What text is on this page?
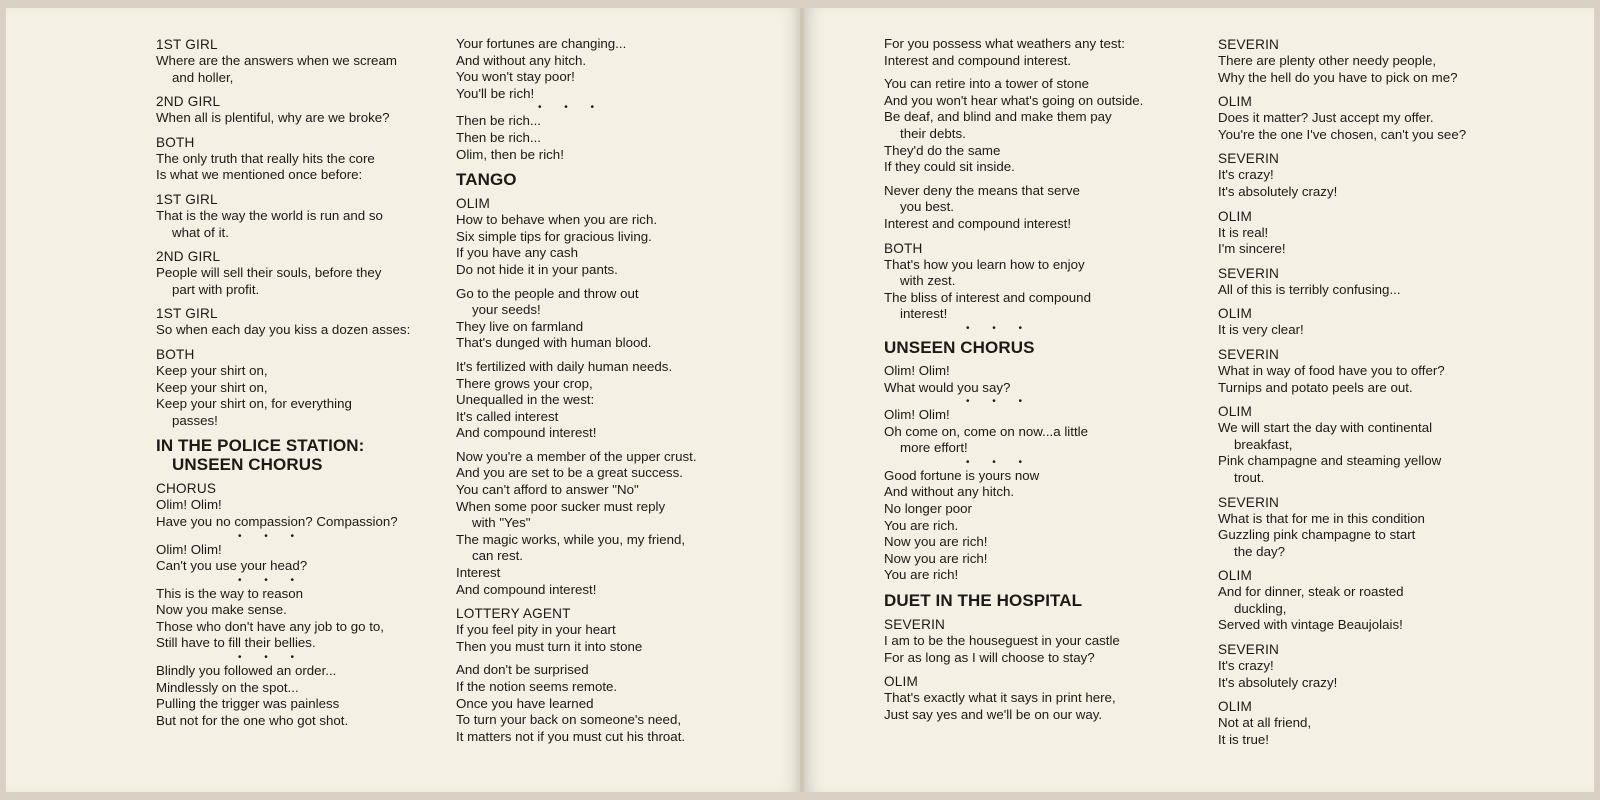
1ST GIRL
Where are the answers when we scream
and holler,
2ND GIRL
When all is plentiful, why are we broke?
BOTH
The only truth that really hits the core
Is what we mentioned once before:
1ST GIRL
That is the way the world is run and so
what of it.
2ND GIRL
People will sell their souls, before they
part with profit.
1ST GIRL
So when each day you kiss a dozen asses:
BOTH
Keep your shirt on,
Keep your shirt on,
Keep your shirt on, for everything
passes!
IN THE POLICE STATION:
UNSEEN CHORUS
CHORUS
Olim! Olim!
Have you no compassion? Compassion?
• • •
Olim! Olim!
Can't you use your head?
• • •
This is the way to reason
Now you make sense.
Those who don't have any job to go to,
Still have to fill their bellies.
• • •
Blindly you followed an order...
Mindlessly on the spot...
Pulling the trigger was painless
But not for the one who got shot.
Your fortunes are changing...
And without any hitch.
You won't stay poor!
You'll be rich!
• • •
Then be rich...
Then be rich...
Olim, then be rich!
TANGO
OLIM
How to behave when you are rich.
Six simple tips for gracious living.
If you have any cash
Do not hide it in your pants.
Go to the people and throw out
your seeds!
They live on farmland
That's dunged with human blood.
It's fertilized with daily human needs.
There grows your crop,
Unequalled in the west:
It's called interest
And compound interest!
Now you're a member of the upper crust.
And you are set to be a great success.
You can't afford to answer "No"
When some poor sucker must reply
with "Yes"
The magic works, while you, my friend,
can rest.
Interest
And compound interest!
LOTTERY AGENT
If you feel pity in your heart
Then you must turn it into stone
And don't be surprised
If the notion seems remote.
Once you have learned
To turn your back on someone's need,
It matters not if you must cut his throat.
For you possess what weathers any test:
Interest and compound interest.
You can retire into a tower of stone
And you won't hear what's going on outside.
Be deaf, and blind and make them pay
their debts.
They'd do the same
If they could sit inside.
Never deny the means that serve
you best.
Interest and compound interest!
BOTH
That's how you learn how to enjoy
with zest.
The bliss of interest and compound
interest!
• • •
UNSEEN CHORUS
Olim! Olim!
What would you say?
• • •
Olim! Olim!
Oh come on, come on now...a little
more effort!
• • •
Good fortune is yours now
And without any hitch.
No longer poor
You are rich.
Now you are rich!
Now you are rich!
You are rich!
DUET IN THE HOSPITAL
SEVERIN
I am to be the houseguest in your castle
For as long as I will choose to stay?
OLIM
That's exactly what it says in print here,
Just say yes and we'll be on our way.
SEVERIN
There are plenty other needy people,
Why the hell do you have to pick on me?
OLIM
Does it matter? Just accept my offer.
You're the one I've chosen, can't you see?
SEVERIN
It's crazy!
It's absolutely crazy!
OLIM
It is real!
I'm sincere!
SEVERIN
All of this is terribly confusing...
OLIM
It is very clear!
SEVERIN
What in way of food have you to offer?
Turnips and potato peels are out.
OLIM
We will start the day with continental
breakfast,
Pink champagne and steaming yellow
trout.
SEVERIN
What is that for me in this condition
Guzzling pink champagne to start
the day?
OLIM
And for dinner, steak or roasted
duckling,
Served with vintage Beaujolais!
SEVERIN
It's crazy!
It's absolutely crazy!
OLIM
Not at all friend,
It is true!
